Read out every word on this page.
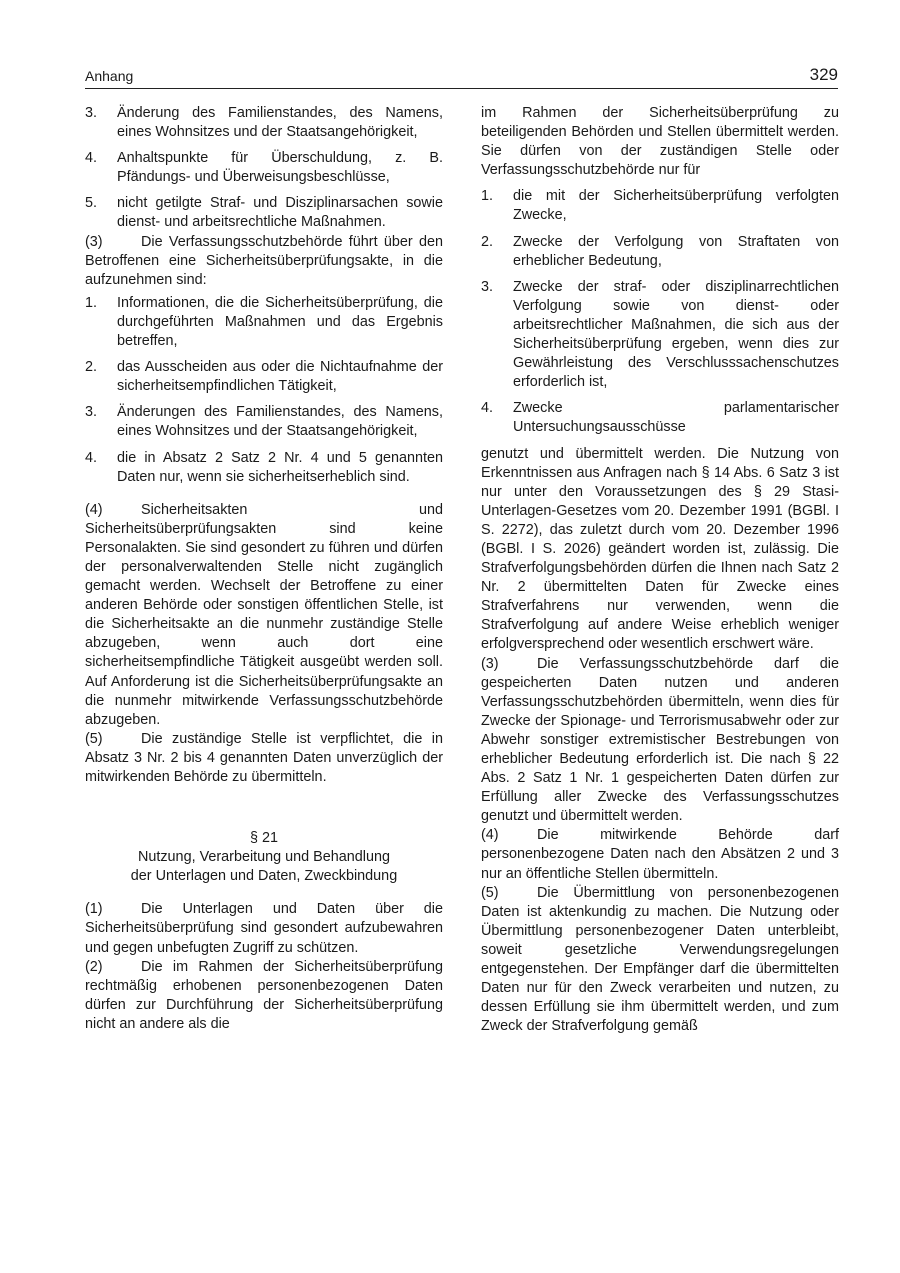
Anhang	329
3.	Änderung des Familienstandes, des Namens, eines Wohnsitzes und der Staatsangehörigkeit,
4.	Anhaltspunkte für Überschuldung, z. B. Pfändungs- und Überweisungsbeschlüsse,
5.	nicht getilgte Straf- und Disziplinarsachen sowie dienst- und arbeitsrechtliche Maßnahmen.

(3)	Die Verfassungsschutzbehörde führt über den Betroffenen eine Sicherheitsüberprüfungsakte, in die aufzunehmen sind:

1.	Informationen, die die Sicherheitsüberprüfung, die durchgeführten Maßnahmen und das Ergebnis betreffen,
2.	das Ausscheiden aus oder die Nichtaufnahme der sicherheitsempfindlichen Tätigkeit,
3.	Änderungen des Familienstandes, des Namens, eines Wohnsitzes und der Staatsangehörigkeit,
4.	die in Absatz 2 Satz 2 Nr. 4 und 5 genannten Daten nur, wenn sie sicherheitserheblich sind.

(4)	Sicherheitsakten und Sicherheitsüberprüfungsakten sind keine Personalakten. Sie sind gesondert zu führen und dürfen der personalverwaltenden Stelle nicht zugänglich gemacht werden. Wechselt der Betroffene zu einer anderen Behörde oder sonstigen öffentlichen Stelle, ist die Sicherheitsakte an die nunmehr zuständige Stelle abzugeben, wenn auch dort eine sicherheitsempfindliche Tätigkeit ausgeübt werden soll. Auf Anforderung ist die Sicherheitsüberprüfungsakte an die nunmehr mitwirkende Verfassungsschutzbehörde abzugeben.

(5)	Die zuständige Stelle ist verpflichtet, die in Absatz 3 Nr. 2 bis 4 genannten Daten unverzüglich der mitwirkenden Behörde zu übermitteln.

§ 21
Nutzung, Verarbeitung und Behandlung
der Unterlagen und Daten, Zweckbindung

(1)	Die Unterlagen und Daten über die Sicherheitsüberprüfung sind gesondert aufzubewahren und gegen unbefugten Zugriff zu schützen.

(2)	Die im Rahmen der Sicherheitsüberprüfung rechtmäßig erhobenen personenbezogenen Daten dürfen zur Durchführung der Sicherheitsüberprüfung nicht an andere als die

im Rahmen der Sicherheitsüberprüfung zu beteiligenden Behörden und Stellen übermittelt werden. Sie dürfen von der zuständigen Stelle oder Verfassungsschutzbehörde nur für

1.	die mit der Sicherheitsüberprüfung verfolgten Zwecke,
2.	Zwecke der Verfolgung von Straftaten von erheblicher Bedeutung,
3.	Zwecke der straf- oder disziplinarrechtlichen Verfolgung sowie von dienst- oder arbeitsrechtlicher Maßnahmen, die sich aus der Sicherheitsüberprüfung ergeben, wenn dies zur Gewährleistung des Verschlusssachenschutzes erforderlich ist,
4.	Zwecke parlamentarischer Untersuchungsausschüsse

genutzt und übermittelt werden. Die Nutzung von Erkenntnissen aus Anfragen nach § 14 Abs. 6 Satz 3 ist nur unter den Voraussetzungen des § 29 Stasi-Unterlagen-Gesetzes vom 20. Dezember 1991 (BGBl. I S. 2272), das zuletzt durch vom 20. Dezember 1996 (BGBl. I S. 2026) geändert worden ist, zulässig. Die Strafverfolgungsbehörden dürfen die Ihnen nach Satz 2 Nr. 2 übermittelten Daten für Zwecke eines Strafverfahrens nur verwenden, wenn die Strafverfolgung auf andere Weise erheblich weniger erfolgversprechend oder wesentlich erschwert wäre.

(3)	Die Verfassungsschutzbehörde darf die gespeicherten Daten nutzen und anderen Verfassungsschutzbehörden übermitteln, wenn dies für Zwecke der Spionage- und Terrorismusabwehr oder zur Abwehr sonstiger extremistischer Bestrebungen von erheblicher Bedeutung erforderlich ist. Die nach § 22 Abs. 2 Satz 1 Nr. 1 gespeicherten Daten dürfen zur Erfüllung aller Zwecke des Verfassungsschutzes genutzt und übermittelt werden.

(4)	Die mitwirkende Behörde darf personenbezogene Daten nach den Absätzen 2 und 3 nur an öffentliche Stellen übermitteln.

(5)	Die Übermittlung von personenbezogenen Daten ist aktenkundig zu machen. Die Nutzung oder Übermittlung personenbezogener Daten unterbleibt, soweit gesetzliche Verwendungsregelungen entgegenstehen. Der Empfänger darf die übermittelten Daten nur für den Zweck verarbeiten und nutzen, zu dessen Erfüllung sie ihm übermittelt werden, und zum Zweck der Strafverfolgung gemäß
